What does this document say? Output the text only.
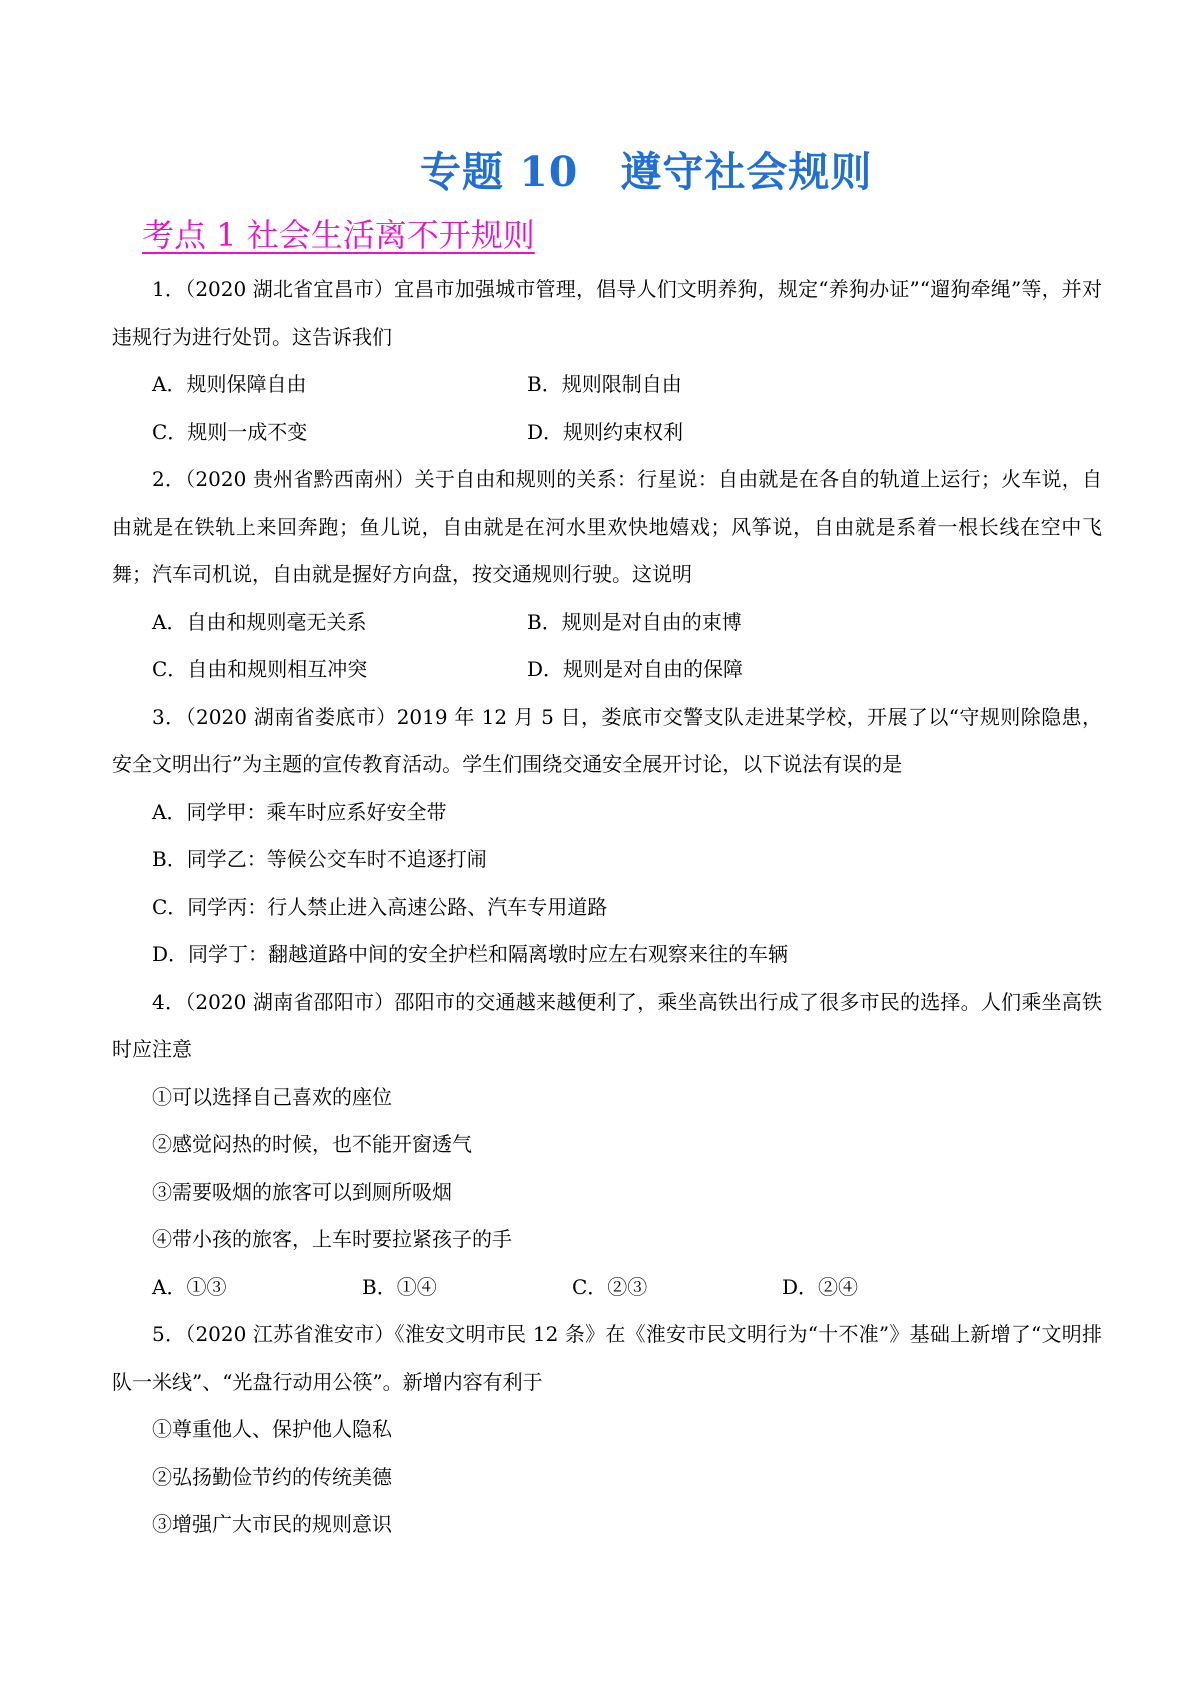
专题 10　遵守社会规则
考点 1 社会生活离不开规则

1．（2020 湖北省宜昌市）宜昌市加强城市管理，倡导人们文明养狗，规定“养狗办证”“遛狗牵绳”等，并对违规行为进行处罚。这告诉我们

A．规则保障自由	B．规则限制自由
C．规则一成不变	D．规则约束权利

2．（2020 贵州省黔西南州）关于自由和规则的关系：行星说：自由就是在各自的轨道上运行；火车说，自由就是在铁轨上来回奔跑；鱼儿说，自由就是在河水里欢快地嬉戏；风筝说，自由就是系着一根长线在空中飞舞；汽车司机说，自由就是握好方向盘，按交通规则行驶。这说明

A．自由和规则毫无关系	B．规则是对自由的束博
C．自由和规则相互冲突	D．规则是对自由的保障

3．（2020 湖南省娄底市）2019 年 12 月 5 日，娄底市交警支队走进某学校，开展了以“守规则除隐患，安全文明出行”为主题的宣传教育活动。学生们围绕交通安全展开讨论，以下说法有误的是

A．同学甲：乘车时应系好安全带

B．同学乙：等候公交车时不追逐打闹

C．同学丙：行人禁止进入高速公路、汽车专用道路

D．同学丁：翻越道路中间的安全护栏和隔离墩时应左右观察来往的车辆

4．（2020 湖南省邵阳市）邵阳市的交通越来越便利了，乘坐高铁出行成了很多市民的选择。人们乘坐高铁时应注意

①可以选择自己喜欢的座位

②感觉闷热的时候，也不能开窗透气

③需要吸烟的旅客可以到厕所吸烟

④带小孩的旅客，上车时要拉紧孩子的手

A．①③	B．①④	C．②③	D．②④

5．（2020 江苏省淮安市）《淮安文明市民 12 条》在《淮安市民文明行为“十不准”》基础上新增了“文明排队一米线”、“光盘行动用公筷”。新增内容有利于

①尊重他人、保护他人隐私

②弘扬勤俭节约的传统美德

③增强广大市民的规则意识
